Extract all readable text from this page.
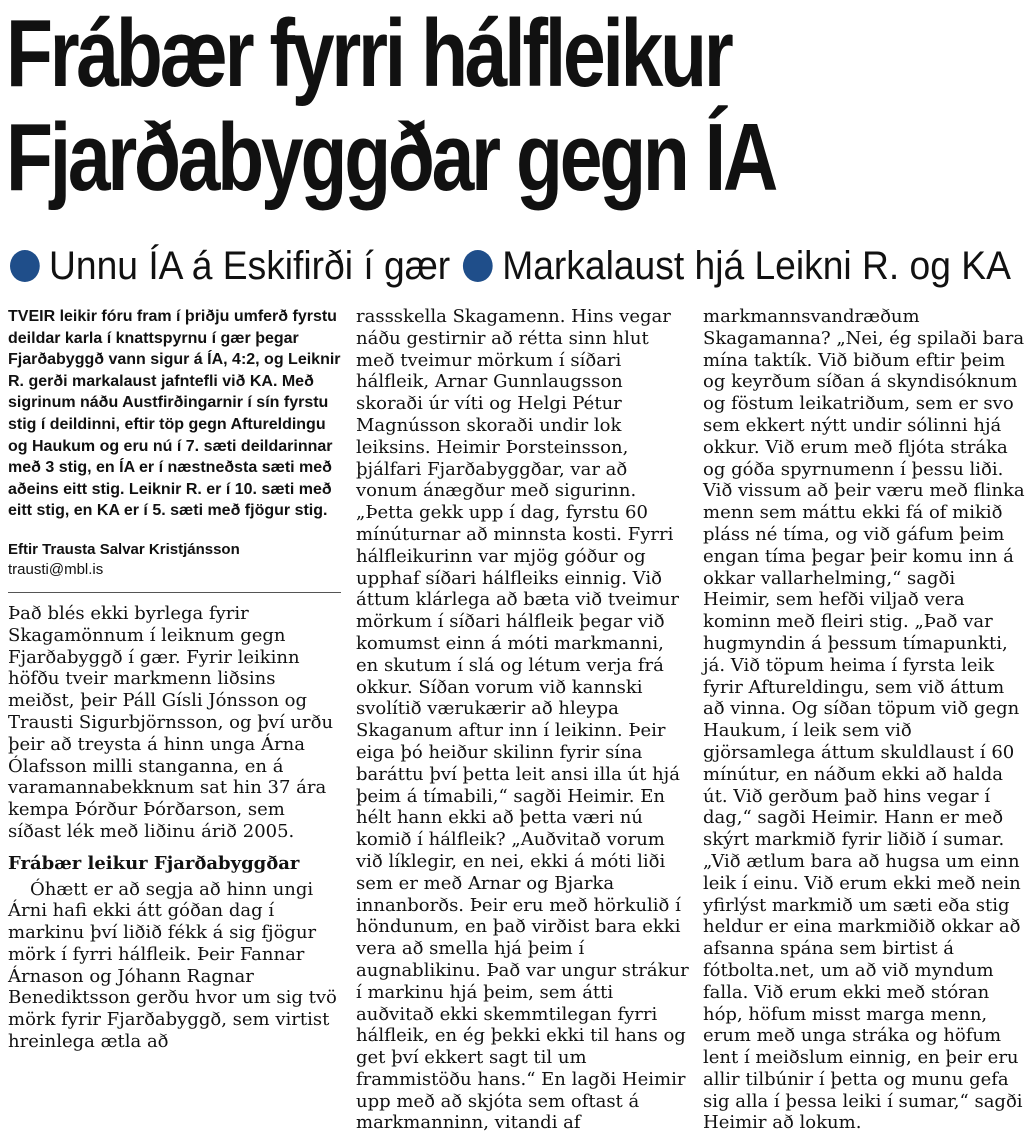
Frábær fyrri hálfleikur
Fjarðabyggðar gegn ÍA
Unnu ÍA á Eskifirði í gær Markalaust hjá Leikni R. og KA

TVEIR leikir fóru fram í þriðju umferð fyrstu deildar karla í knattspyrnu í gær þegar Fjarðabyggð vann sigur á ÍA, 4:2, og Leiknir R. gerði markalaust jafntefli við KA. Með sigrinum náðu Austfirðingarnir í sín fyrstu stig í deildinni, eftir töp gegn Aftureldingu og Haukum og eru nú í 7. sæti deildarinnar með 3 stig, en ÍA er í næstneðsta sæti með aðeins eitt stig. Leiknir R. er í 10. sæti með eitt stig, en KA er í 5. sæti með fjögur stig.

Eftir Trausta Salvar Kristjánsson

trausti@mbl.is

Það blés ekki byrlega fyrir Skagamönnum í leiknum gegn Fjarðabyggð í gær. Fyrir leikinn höfðu tveir markmenn liðsins meiðst, þeir Páll Gísli Jónsson og Trausti Sigurbjörnsson, og því urðu þeir að treysta á hinn unga Árna Ólafsson milli stanganna, en á varamannabekknum sat hin 37 ára kempa Þórður Þórðarson, sem síðast lék með liðinu árið 2005.

Frábær leikur Fjarðabyggðar

Óhætt er að segja að hinn ungi Árni hafi ekki átt góðan dag í markinu því liðið fékk á sig fjögur mörk í fyrri hálfleik. Þeir Fannar Árnason og Jóhann Ragnar Benediktsson gerðu hvor um sig tvö mörk fyrir Fjarðabyggð, sem virtist hreinlega ætla að

rassskella Skagamenn. Hins vegar náðu gestirnir að rétta sinn hlut með tveimur mörkum í síðari hálfleik, Arnar Gunnlaugsson skoraði úr víti og Helgi Pétur Magnússon skoraði undir lok leiksins. Heimir Þorsteinsson, þjálfari Fjarðabyggðar, var að vonum ánægður með sigurinn. „Þetta gekk upp í dag, fyrstu 60 mínúturnar að minnsta kosti. Fyrri hálfleikurinn var mjög góður og upphaf síðari hálfleiks einnig. Við áttum klárlega að bæta við tveimur mörkum í síðari hálfleik þegar við komumst einn á móti markmanni, en skutum í slá og létum verja frá okkur. Síðan vorum við kannski svolítið værukærir að hleypa Skaganum aftur inn í leikinn. Þeir eiga þó heiður skilinn fyrir sína baráttu því þetta leit ansi illa út hjá þeim á tímabili,“ sagði Heimir. En hélt hann ekki að þetta væri nú komið í hálfleik? „Auðvitað vorum við líklegir, en nei, ekki á móti liði sem er með Arnar og Bjarka innanborðs. Þeir eru með hörkulið í höndunum, en það virðist bara ekki vera að smella hjá þeim í augnablikinu. Það var ungur strákur í markinu hjá þeim, sem átti auðvitað ekki skemmtilegan fyrri hálfleik, en ég þekki ekki til hans og get því ekkert sagt til um frammistöðu hans.“ En lagði Heimir upp með að skjóta sem oftast á markmanninn, vitandi af

markmannsvandræðum Skagamanna? „Nei, ég spilaði bara mína taktík. Við biðum eftir þeim og keyrðum síðan á skyndisóknum og föstum leikatriðum, sem er svo sem ekkert nýtt undir sólinni hjá okkur. Við erum með fljóta stráka og góða spyrnumenn í þessu liði. Við vissum að þeir væru með flinka menn sem máttu ekki fá of mikið pláss né tíma, og við gáfum þeim engan tíma þegar þeir komu inn á okkar vallarhelming,“ sagði Heimir, sem hefði viljað vera kominn með fleiri stig. „Það var hugmyndin á þessum tímapunkti, já. Við töpum heima í fyrsta leik fyrir Aftureldingu, sem við áttum að vinna. Og síðan töpum við gegn Haukum, í leik sem við gjörsamlega áttum skuldlaust í 60 mínútur, en náðum ekki að halda út. Við gerðum það hins vegar í dag,“ sagði Heimir. Hann er með skýrt markmið fyrir liðið í sumar. „Við ætlum bara að hugsa um einn leik í einu. Við erum ekki með nein yfirlýst markmið um sæti eða stig heldur er eina markmiðið okkar að afsanna spána sem birtist á fótbolta.net, um að við myndum falla. Við erum ekki með stóran hóp, höfum misst marga menn, erum með unga stráka og höfum lent í meiðslum einnig, en þeir eru allir tilbúnir í þetta og munu gefa sig alla í þessa leiki í sumar,“ sagði Heimir að lokum.
